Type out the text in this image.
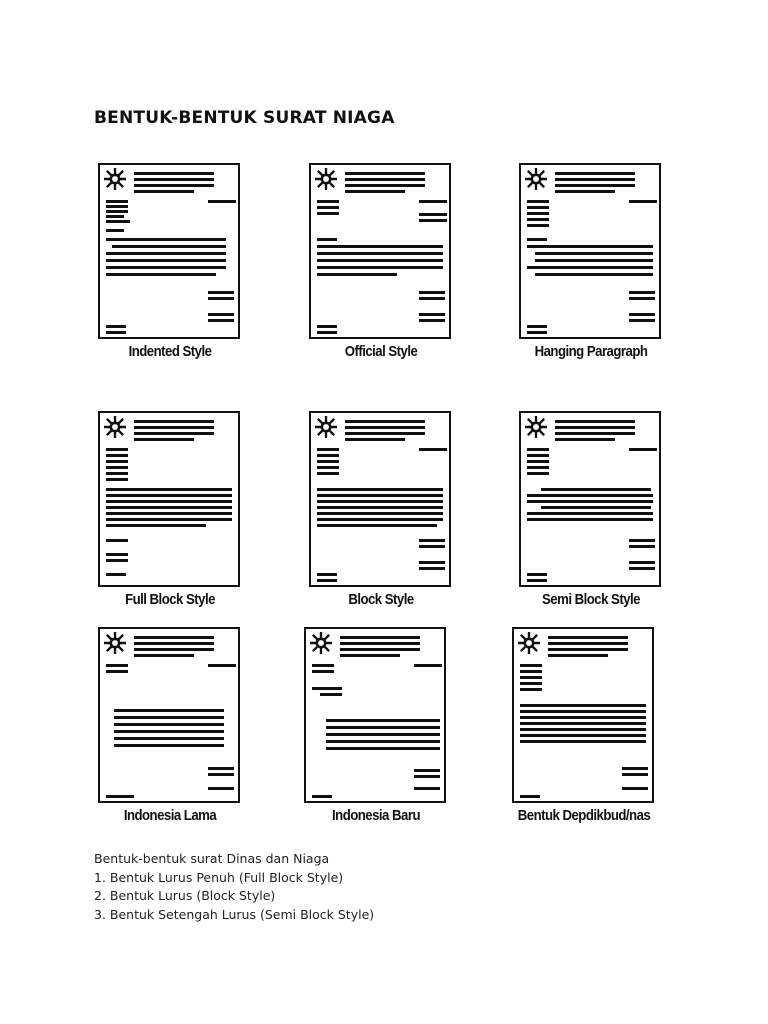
BENTUK-BENTUK SURAT NIAGA
Indented Style	Official Style	Hanging Paragraph
Full Block Style	Block Style	Semi Block Style
Indonesia Lama	Indonesia Baru	Bentuk Depdikbud/nas
Bentuk-bentuk surat Dinas dan Niaga
1. Bentuk Lurus Penuh (Full Block Style)
2. Bentuk Lurus (Block Style)
3. Bentuk Setengah Lurus (Semi Block Style)
